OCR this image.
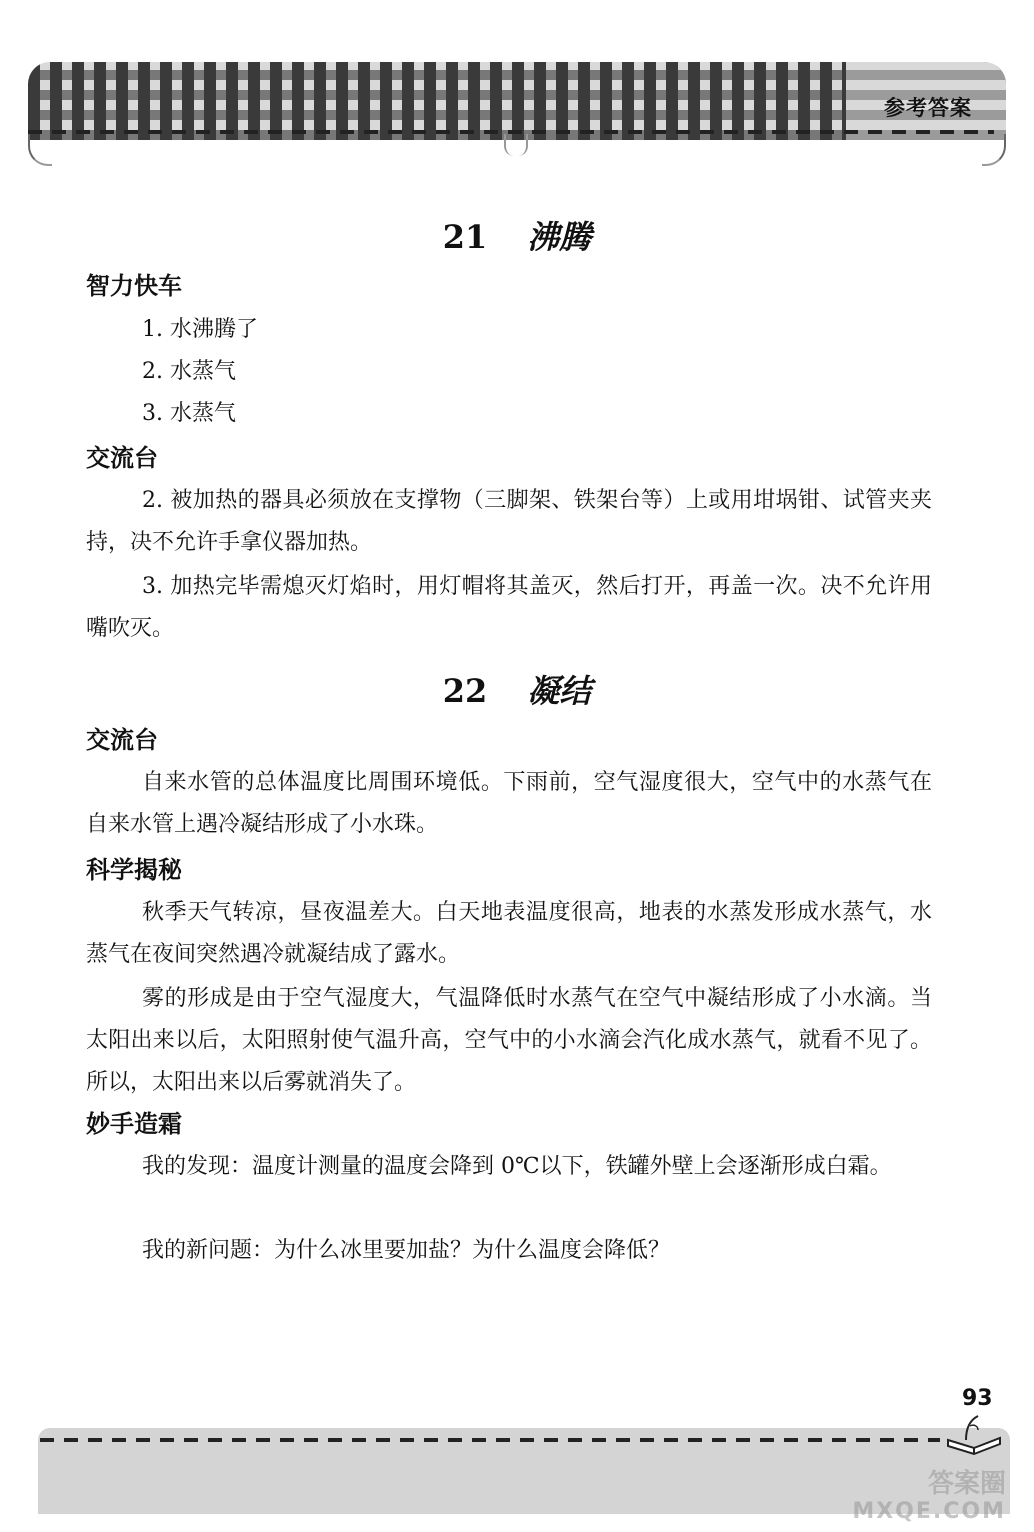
参考答案
21 沸腾
智力快车
1. 水沸腾了
2. 水蒸气
3. 水蒸气
交流台
2. 被加热的器具必须放在支撑物（三脚架、铁架台等）上或用坩埚钳、试管夹夹持，决不允许手拿仪器加热。
3. 加热完毕需熄灭灯焰时，用灯帽将其盖灭，然后打开，再盖一次。决不允许用嘴吹灭。
22 凝结
交流台
自来水管的总体温度比周围环境低。下雨前，空气湿度很大，空气中的水蒸气在自来水管上遇冷凝结形成了小水珠。
科学揭秘
秋季天气转凉，昼夜温差大。白天地表温度很高，地表的水蒸发形成水蒸气，水蒸气在夜间突然遇冷就凝结成了露水。
雾的形成是由于空气湿度大，气温降低时水蒸气在空气中凝结形成了小水滴。当太阳出来以后，太阳照射使气温升高，空气中的小水滴会汽化成水蒸气，就看不见了。所以，太阳出来以后雾就消失了。
妙手造霜
我的发现：温度计测量的温度会降到 0℃以下，铁罐外壁上会逐渐形成白霜。
我的新问题：为什么冰里要加盐？为什么温度会降低？
93
答案圈
MXQE.COM
